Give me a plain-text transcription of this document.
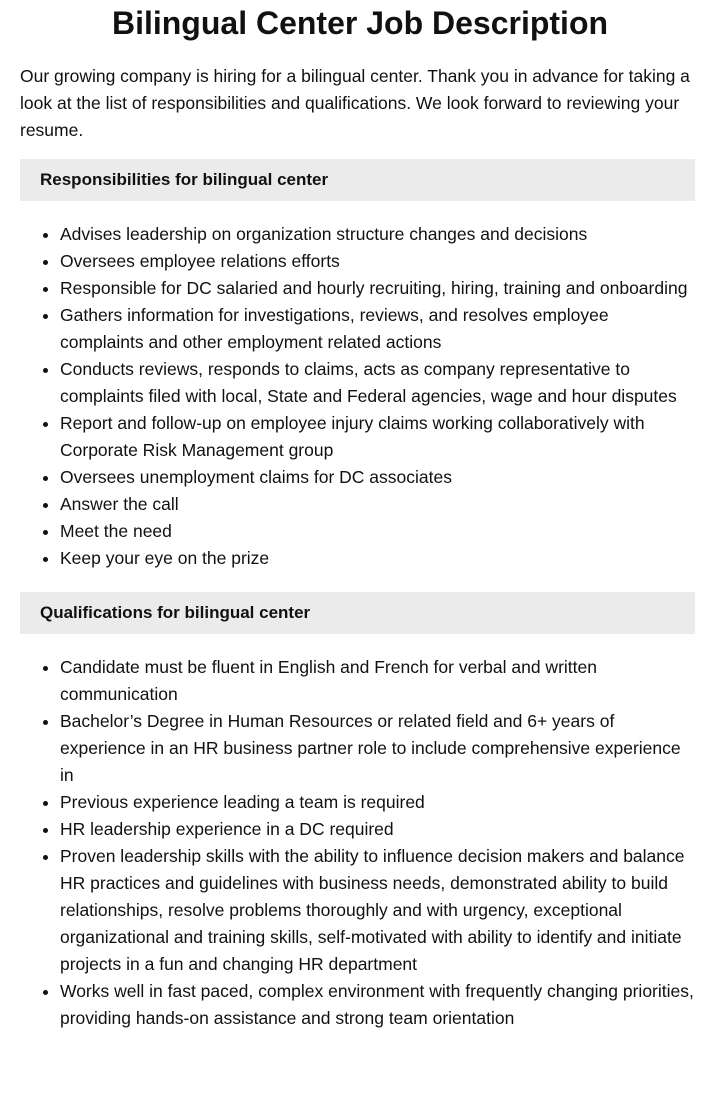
Bilingual Center Job Description

Our growing company is hiring for a bilingual center. Thank you in advance for taking a look at the list of responsibilities and qualifications. We look forward to reviewing your resume.

Responsibilities for bilingual center
• Advises leadership on organization structure changes and decisions
• Oversees employee relations efforts
• Responsible for DC salaried and hourly recruiting, hiring, training and onboarding
• Gathers information for investigations, reviews, and resolves employee complaints and other employment related actions
• Conducts reviews, responds to claims, acts as company representative to complaints filed with local, State and Federal agencies, wage and hour disputes
• Report and follow-up on employee injury claims working collaboratively with Corporate Risk Management group
• Oversees unemployment claims for DC associates
• Answer the call
• Meet the need
• Keep your eye on the prize
Qualifications for bilingual center
• Candidate must be fluent in English and French for verbal and written communication
• Bachelor’s Degree in Human Resources or related field and 6+ years of experience in an HR business partner role to include comprehensive experience in
• Previous experience leading a team is required
• HR leadership experience in a DC required
• Proven leadership skills with the ability to influence decision makers and balance HR practices and guidelines with business needs, demonstrated ability to build relationships, resolve problems thoroughly and with urgency, exceptional organizational and training skills, self-motivated with ability to identify and initiate projects in a fun and changing HR department
• Works well in fast paced, complex environment with frequently changing priorities, providing hands-on assistance and strong team orientation
